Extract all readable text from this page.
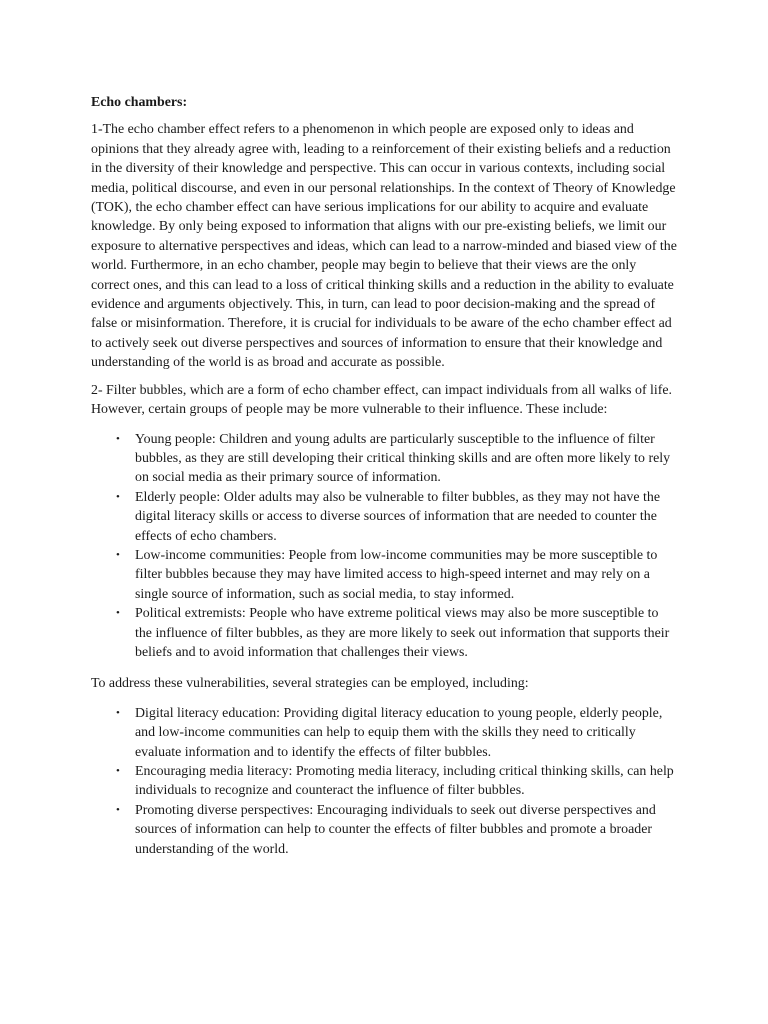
Echo chambers:

1-The echo chamber effect refers to a phenomenon in which people are exposed only to ideas and opinions that they already agree with, leading to a reinforcement of their existing beliefs and a reduction in the diversity of their knowledge and perspective. This can occur in various contexts, including social media, political discourse, and even in our personal relationships. In the context of Theory of Knowledge (TOK), the echo chamber effect can have serious implications for our ability to acquire and evaluate knowledge. By only being exposed to information that aligns with our pre-existing beliefs, we limit our exposure to alternative perspectives and ideas, which can lead to a narrow-minded and biased view of the world. Furthermore, in an echo chamber, people may begin to believe that their views are the only correct ones, and this can lead to a loss of critical thinking skills and a reduction in the ability to evaluate evidence and arguments objectively. This, in turn, can lead to poor decision-making and the spread of false or misinformation. Therefore, it is crucial for individuals to be aware of the echo chamber effect ad to actively seek out diverse perspectives and sources of information to ensure that their knowledge and understanding of the world is as broad and accurate as possible.

2- Filter bubbles, which are a form of echo chamber effect, can impact individuals from all walks of life. However, certain groups of people may be more vulnerable to their influence. These include:

• Young people: Children and young adults are particularly susceptible to the influence of filter bubbles, as they are still developing their critical thinking skills and are often more likely to rely on social media as their primary source of information.
• Elderly people: Older adults may also be vulnerable to filter bubbles, as they may not have the digital literacy skills or access to diverse sources of information that are needed to counter the effects of echo chambers.
• Low-income communities: People from low-income communities may be more susceptible to filter bubbles because they may have limited access to high-speed internet and may rely on a single source of information, such as social media, to stay informed.
• Political extremists: People who have extreme political views may also be more susceptible to the influence of filter bubbles, as they are more likely to seek out information that supports their beliefs and to avoid information that challenges their views.

To address these vulnerabilities, several strategies can be employed, including:

• Digital literacy education: Providing digital literacy education to young people, elderly people, and low-income communities can help to equip them with the skills they need to critically evaluate information and to identify the effects of filter bubbles.
• Encouraging media literacy: Promoting media literacy, including critical thinking skills, can help individuals to recognize and counteract the influence of filter bubbles.
• Promoting diverse perspectives: Encouraging individuals to seek out diverse perspectives and sources of information can help to counter the effects of filter bubbles and promote a broader understanding of the world.
